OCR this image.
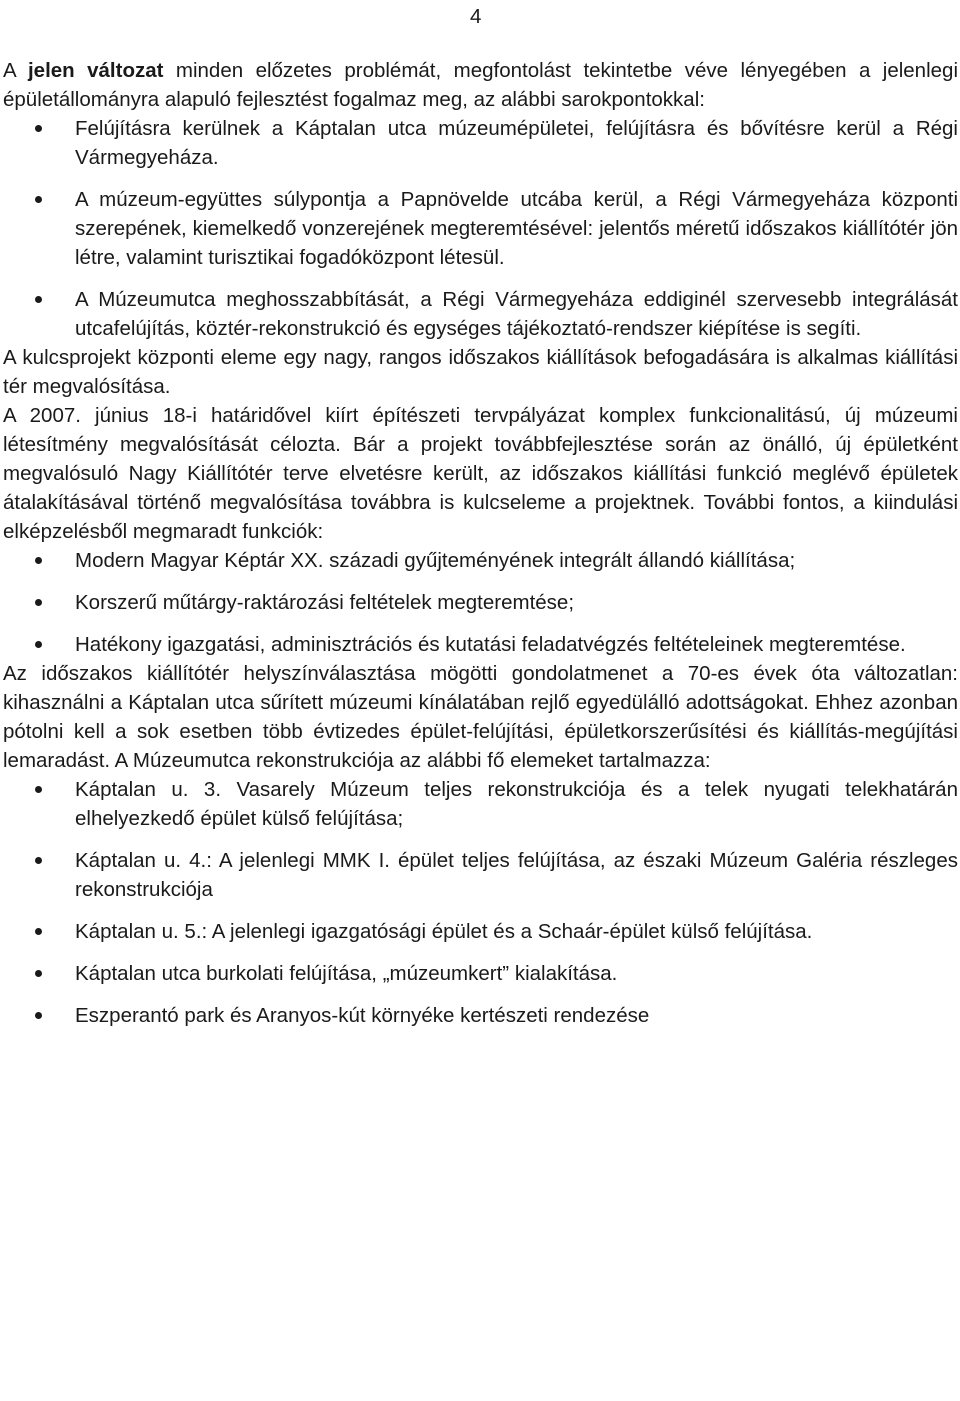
4

A jelen változat minden előzetes problémát, megfontolást tekintetbe véve lényegében a jelenlegi épületállományra alapuló fejlesztést fogalmaz meg, az alábbi sarokpontokkal:

Felújításra kerülnek a Káptalan utca múzeumépületei, felújításra és bővítésre kerül a Régi Vármegyeháza.
A múzeum-együttes súlypontja a Papnövelde utcába kerül, a Régi Vármegyeháza központi szerepének, kiemelkedő vonzerejének megteremtésével: jelentős méretű időszakos kiállítótér jön létre, valamint turisztikai fogadóközpont létesül.
A Múzeumutca meghosszabbítását, a Régi Vármegyeháza eddiginél szervesebb integrálását utcafelújítás, köztér-rekonstrukció és egységes tájékoztató-rendszer kiépítése is segíti.

A kulcsprojekt központi eleme egy nagy, rangos időszakos kiállítások befogadására is alkalmas kiállítási tér megvalósítása.

A 2007. június 18-i határidővel kiírt építészeti tervpályázat komplex funkcionalitású, új múzeumi létesítmény megvalósítását célozta. Bár a projekt továbbfejlesztése során az önálló, új épületként megvalósuló Nagy Kiállítótér terve elvetésre került, az időszakos kiállítási funkció meglévő épületek átalakításával történő megvalósítása továbbra is kulcseleme a projektnek. További fontos, a kiindulási elképzelésből megmaradt funkciók:

Modern Magyar Képtár XX. századi gyűjteményének integrált állandó kiállítása;
Korszerű műtárgy-raktározási feltételek megteremtése;
Hatékony igazgatási, adminisztrációs és kutatási feladatvégzés feltételeinek megteremtése.

Az időszakos kiállítótér helyszínválasztása mögötti gondolatmenet a 70-es évek óta változatlan: kihasználni a Káptalan utca sűrített múzeumi kínálatában rejlő egyedülálló adottságokat. Ehhez azonban pótolni kell a sok esetben több évtizedes épület-felújítási, épületkorszerűsítési és kiállítás-megújítási lemaradást. A Múzeumutca rekonstrukciója az alábbi fő elemeket tartalmazza:

Káptalan u. 3. Vasarely Múzeum teljes rekonstrukciója és a telek nyugati telekhatárán elhelyezkedő épület külső felújítása;
Káptalan u. 4.: A jelenlegi MMK I. épület teljes felújítása, az északi Múzeum Galéria részleges rekonstrukciója
Káptalan u. 5.: A jelenlegi igazgatósági épület és a Schaár-épület külső felújítása.
Káptalan utca burkolati felújítása, „múzeumkert” kialakítása.
Eszperantó park és Aranyos-kút környéke kertészeti rendezése
